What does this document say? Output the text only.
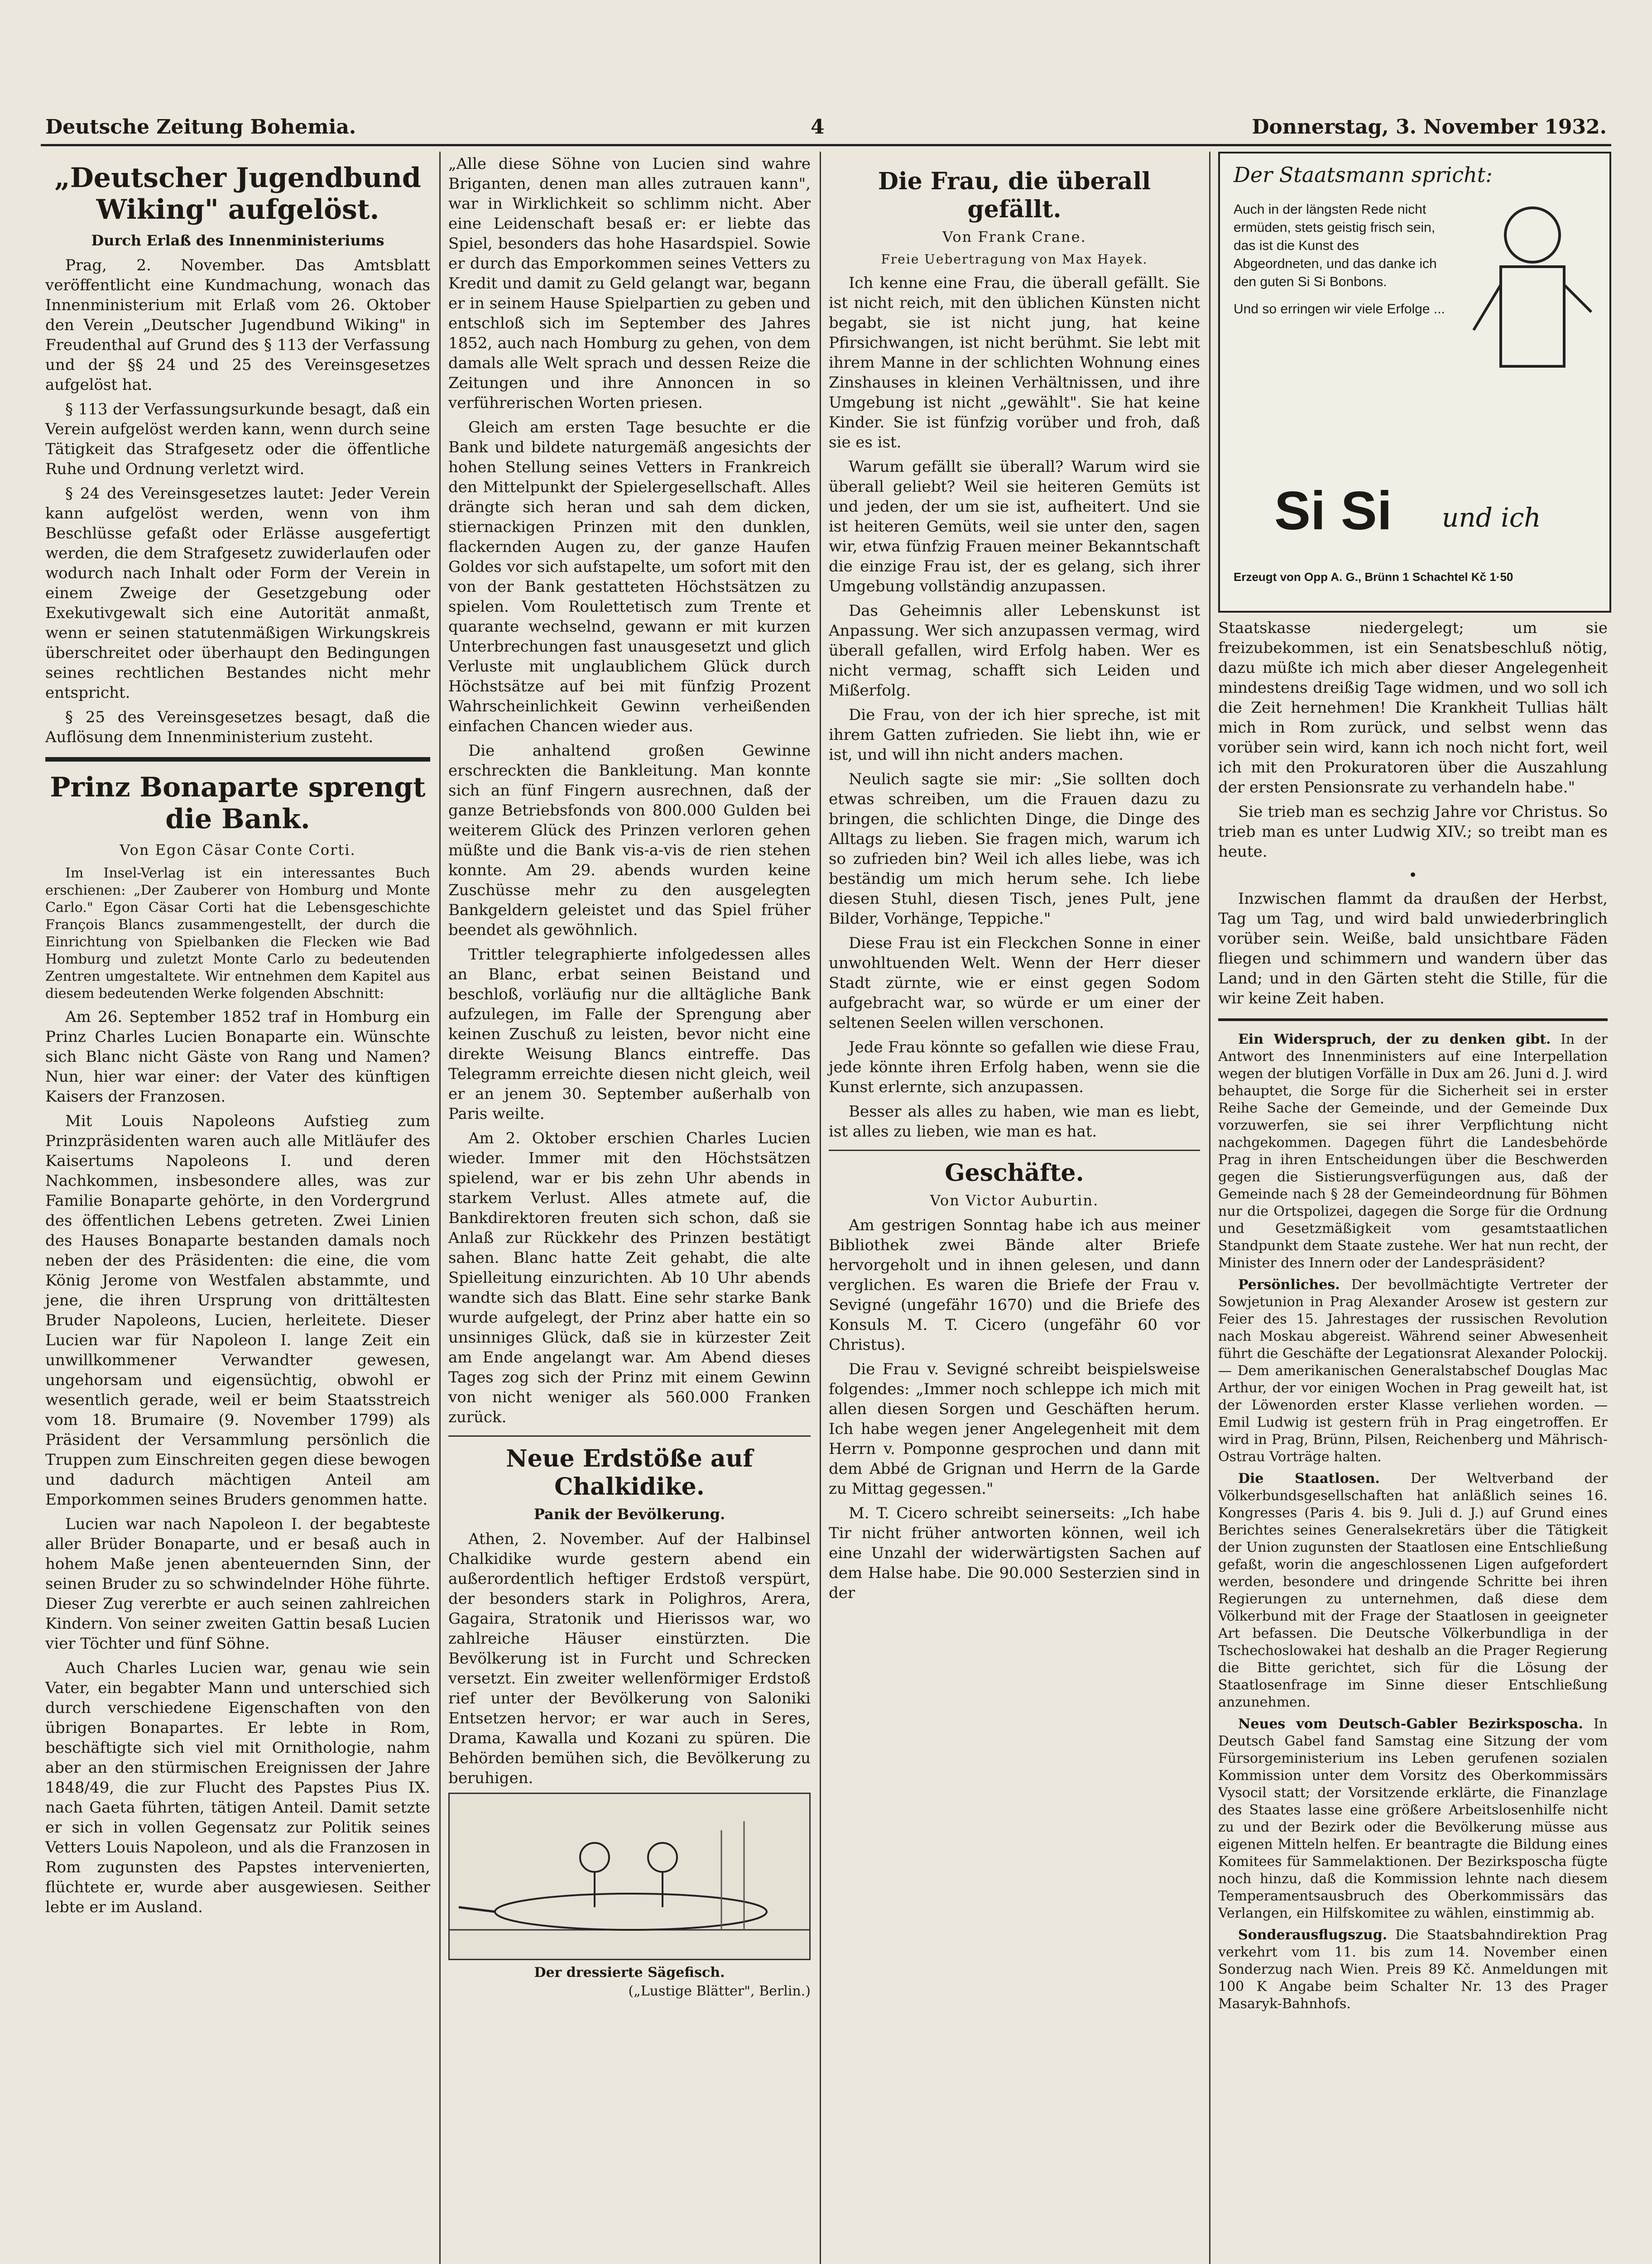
Deutsche Zeitung Bohemia.	4	Donnerstag, 3. November 1932.
„Deutscher Jugendbund Wiking" aufgelöst.
Durch Erlaß des Innenministeriums

Prag, 2. November. Das Amtsblatt veröffentlicht eine Kundmachung, wonach das Innenministerium mit Erlaß vom 26. Oktober den Verein „Deutscher Jugendbund Wiking" in Freudenthal auf Grund des § 113 der Verfassung und der §§ 24 und 25 des Vereinsgesetzes aufgelöst hat.

§ 113 der Verfassungsurkunde besagt, daß ein Verein aufgelöst werden kann, wenn durch seine Tätigkeit das Strafgesetz oder die öffentliche Ruhe und Ordnung verletzt wird.

§ 24 des Vereinsgesetzes lautet: Jeder Verein kann aufgelöst werden, wenn von ihm Beschlüsse gefaßt oder Erlässe ausgefertigt werden, die dem Strafgesetz zuwiderlaufen oder wodurch nach Inhalt oder Form der Verein in einem Zweige der Gesetzgebung oder Exekutivgewalt sich eine Autorität anmaßt, wenn er seinen statutenmäßigen Wirkungskreis überschreitet oder überhaupt den Bedingungen seines rechtlichen Bestandes nicht mehr entspricht.

§ 25 des Vereinsgesetzes besagt, daß die Auflösung dem Innenministerium zusteht.

Prinz Bonaparte sprengt die Bank.
Von Egon Cäsar Conte Corti.

Im Insel-Verlag ist ein interessantes Buch erschienen: „Der Zauberer von Homburg und Monte Carlo." Egon Cäsar Corti hat die Lebensgeschichte François Blancs zusammengestellt, der durch die Einrichtung von Spielbanken die Flecken wie Bad Homburg und zuletzt Monte Carlo zu bedeutenden Zentren umgestaltete. Wir entnehmen dem Kapitel aus diesem bedeutenden Werke folgenden Abschnitt:

Am 26. September 1852 traf in Homburg ein Prinz Charles Lucien Bonaparte ein. Wünschte sich Blanc nicht Gäste von Rang und Namen? Nun, hier war einer: der Vater des künftigen Kaisers der Franzosen.

Mit Louis Napoleons Aufstieg zum Prinzpräsidenten waren auch alle Mitläufer des Kaisertums Napoleons I. und deren Nachkommen, insbesondere alles, was zur Familie Bonaparte gehörte, in den Vordergrund des öffentlichen Lebens getreten. Zwei Linien des Hauses Bonaparte bestanden damals noch neben der des Präsidenten: die eine, die vom König Jerome von Westfalen abstammte, und jene, die ihren Ursprung von drittältesten Bruder Napoleons, Lucien, herleitete. Dieser Lucien war für Napoleon I. lange Zeit ein unwillkommener Verwandter gewesen, ungehorsam und eigensüchtig, obwohl er wesentlich gerade, weil er beim Staatsstreich vom 18. Brumaire (9. November 1799) als Präsident der Versammlung persönlich die Truppen zum Einschreiten gegen diese bewogen und dadurch mächtigen Anteil am Emporkommen seines Bruders genommen hatte.

Lucien war nach Napoleon I. der begabteste aller Brüder Bonaparte, und er besaß auch in hohem Maße jenen abenteuernden Sinn, der seinen Bruder zu so schwindelnder Höhe führte. Dieser Zug vererbte er auch seinen zahlreichen Kindern. Von seiner zweiten Gattin besaß Lucien vier Töchter und fünf Söhne.

Auch Charles Lucien war, genau wie sein Vater, ein begabter Mann und unterschied sich durch verschiedene Eigenschaften von den übrigen Bonapartes. Er lebte in Rom, beschäftigte sich viel mit Ornithologie, nahm aber an den stürmischen Ereignissen der Jahre 1848/49, die zur Flucht des Papstes Pius IX. nach Gaeta führten, tätigen Anteil. Damit setzte er sich in vollen Gegensatz zur Politik seines Vetters Louis Napoleon, und als die Franzosen in Rom zugunsten des Papstes intervenierten, flüchtete er, wurde aber ausgewiesen. Seither lebte er im Ausland.

„Alle diese Söhne von Lucien sind wahre Briganten, denen man alles zutrauen kann", war in Wirklichkeit so schlimm nicht. Aber eine Leidenschaft besaß er: er liebte das Spiel, besonders das hohe Hasardspiel. Sowie er durch das Emporkommen seines Vetters zu Kredit und damit zu Geld gelangt war, begann er in seinem Hause Spielpartien zu geben und entschloß sich im September des Jahres 1852, auch nach Homburg zu gehen, von dem damals alle Welt sprach und dessen Reize die Zeitungen und ihre Annoncen in so verführerischen Worten priesen.

Gleich am ersten Tage besuchte er die Bank und bildete naturgemäß angesichts der hohen Stellung seines Vetters in Frankreich den Mittelpunkt der Spielergesellschaft. Alles drängte sich heran und sah dem dicken, stiernackigen Prinzen mit den dunklen, flackernden Augen zu, der ganze Haufen Goldes vor sich aufstapelte, um sofort mit den von der Bank gestatteten Höchstsätzen zu spielen. Vom Roulettetisch zum Trente et quarante wechselnd, gewann er mit kurzen Unterbrechungen fast unausgesetzt und glich Verluste mit unglaublichem Glück durch Höchstsätze auf bei mit fünfzig Prozent Wahrscheinlichkeit Gewinn verheißenden einfachen Chancen wieder aus.

Die anhaltend großen Gewinne erschreckten die Bankleitung. Man konnte sich an fünf Fingern ausrechnen, daß der ganze Betriebsfonds von 800.000 Gulden bei weiterem Glück des Prinzen verloren gehen müßte und die Bank vis-a-vis de rien stehen konnte. Am 29. abends wurden keine Zuschüsse mehr zu den ausgelegten Bankgeldern geleistet und das Spiel früher beendet als gewöhnlich.

Trittler telegraphierte infolgedessen alles an Blanc, erbat seinen Beistand und beschloß, vorläufig nur die alltägliche Bank aufzulegen, im Falle der Sprengung aber keinen Zuschuß zu leisten, bevor nicht eine direkte Weisung Blancs eintreffe. Das Telegramm erreichte diesen nicht gleich, weil er an jenem 30. September außerhalb von Paris weilte.

Am 2. Oktober erschien Charles Lucien wieder. Immer mit den Höchstsätzen spielend, war er bis zehn Uhr abends in starkem Verlust. Alles atmete auf, die Bankdirektoren freuten sich schon, daß sie Anlaß zur Rückkehr des Prinzen bestätigt sahen. Blanc hatte Zeit gehabt, die alte Spielleitung einzurichten. Ab 10 Uhr abends wandte sich das Blatt. Eine sehr starke Bank wurde aufgelegt, der Prinz aber hatte ein so unsinniges Glück, daß sie in kürzester Zeit am Ende angelangt war. Am Abend dieses Tages zog sich der Prinz mit einem Gewinn von nicht weniger als 560.000 Franken zurück.

Neue Erdstöße auf Chalkidike.
Panik der Bevölkerung.

Athen, 2. November. Auf der Halbinsel Chalkidike wurde gestern abend ein außerordentlich heftiger Erdstoß verspürt, der besonders stark in Polighros, Arera, Gagaira, Stratonik und Hierissos war, wo zahlreiche Häuser einstürzten. Die Bevölkerung ist in Furcht und Schrecken versetzt. Ein zweiter wellenförmiger Erdstoß rief unter der Bevölkerung von Saloniki Entsetzen hervor; er war auch in Seres, Drama, Kawalla und Kozani zu spüren. Die Behörden bemühen sich, die Bevölkerung zu beruhigen.

Der dressierte Sägefisch.
(„Lustige Blätter", Berlin.)
Die Frau, die überall gefällt.
Von Frank Crane.
Freie Uebertragung von Max Hayek.

Ich kenne eine Frau, die überall gefällt. Sie ist nicht reich, mit den üblichen Künsten nicht begabt, sie ist nicht jung, hat keine Pfirsichwangen, ist nicht berühmt. Sie lebt mit ihrem Manne in der schlichten Wohnung eines Zinshauses in kleinen Verhältnissen, und ihre Umgebung ist nicht „gewählt". Sie hat keine Kinder. Sie ist fünfzig vorüber und froh, daß sie es ist.

Warum gefällt sie überall? Warum wird sie überall geliebt? Weil sie heiteren Gemüts ist und jeden, der um sie ist, aufheitert. Und sie ist heiteren Gemüts, weil sie unter den, sagen wir, etwa fünfzig Frauen meiner Bekanntschaft die einzige Frau ist, der es gelang, sich ihrer Umgebung vollständig anzupassen.

Das Geheimnis aller Lebenskunst ist Anpassung. Wer sich anzupassen vermag, wird überall gefallen, wird Erfolg haben. Wer es nicht vermag, schafft sich Leiden und Mißerfolg.

Die Frau, von der ich hier spreche, ist mit ihrem Gatten zufrieden. Sie liebt ihn, wie er ist, und will ihn nicht anders machen.

Neulich sagte sie mir: „Sie sollten doch etwas schreiben, um die Frauen dazu zu bringen, die schlichten Dinge, die Dinge des Alltags zu lieben. Sie fragen mich, warum ich so zufrieden bin? Weil ich alles liebe, was ich beständig um mich herum sehe. Ich liebe diesen Stuhl, diesen Tisch, jenes Pult, jene Bilder, Vorhänge, Teppiche."

Diese Frau ist ein Fleckchen Sonne in einer unwohltuenden Welt. Wenn der Herr dieser Stadt zürnte, wie er einst gegen Sodom aufgebracht war, so würde er um einer der seltenen Seelen willen verschonen.

Jede Frau könnte so gefallen wie diese Frau, jede könnte ihren Erfolg haben, wenn sie die Kunst erlernte, sich anzupassen.

Besser als alles zu haben, wie man es liebt, ist alles zu lieben, wie man es hat.

Geschäfte.
Von Victor Auburtin.

Am gestrigen Sonntag habe ich aus meiner Bibliothek zwei Bände alter Briefe hervorgeholt und in ihnen gelesen, und dann verglichen. Es waren die Briefe der Frau v. Sevigné (ungefähr 1670) und die Briefe des Konsuls M. T. Cicero (ungefähr 60 vor Christus).

Die Frau v. Sevigné schreibt beispielsweise folgendes: „Immer noch schleppe ich mich mit allen diesen Sorgen und Geschäften herum. Ich habe wegen jener Angelegenheit mit dem Herrn v. Pomponne gesprochen und dann mit dem Abbé de Grignan und Herrn de la Garde zu Mittag gegessen."

M. T. Cicero schreibt seinerseits: „Ich habe Tir nicht früher antworten können, weil ich eine Unzahl der widerwärtigsten Sachen auf dem Halse habe. Die 90.000 Sesterzien sind in der

Der Staatsmann spricht:
Auch in der längsten Rede nicht ermüden, stets geistig frisch sein, das ist die Kunst des Abgeordneten, und das danke ich den guten Si Si Bonbons.
Und so erringen wir viele Erfolge ...
Si Si und ich
Erzeugt von Opp A. G., Brünn 1 Schachtel Kč 1·50

Staatskasse niedergelegt; um sie freizubekommen, ist ein Senatsbeschluß nötig, dazu müßte ich mich aber dieser Angelegenheit mindestens dreißig Tage widmen, und wo soll ich die Zeit hernehmen! Die Krankheit Tullias hält mich in Rom zurück, und selbst wenn das vorüber sein wird, kann ich noch nicht fort, weil ich mit den Prokuratoren über die Auszahlung der ersten Pensionsrate zu verhandeln habe."

Sie trieb man es sechzig Jahre vor Christus. So trieb man es unter Ludwig XIV.; so treibt man es heute.

•

Inzwischen flammt da draußen der Herbst, Tag um Tag, und wird bald unwiederbringlich vorüber sein. Weiße, bald unsichtbare Fäden fliegen und schimmern und wandern über das Land; und in den Gärten steht die Stille, für die wir keine Zeit haben.

Ein Widerspruch, der zu denken gibt. In der Antwort des Innenministers auf eine Interpellation wegen der blutigen Vorfälle in Dux am 26. Juni d. J. wird behauptet, die Sorge für die Sicherheit sei in erster Reihe Sache der Gemeinde, und der Gemeinde Dux vorzuwerfen, sie sei ihrer Verpflichtung nicht nachgekommen. Dagegen führt die Landesbehörde Prag in ihren Entscheidungen über die Beschwerden gegen die Sistierungsverfügungen aus, daß der Gemeinde nach § 28 der Gemeindeordnung für Böhmen nur die Ortspolizei, dagegen die Sorge für die Ordnung und Gesetzmäßigkeit vom gesamtstaatlichen Standpunkt dem Staate zustehe. Wer hat nun recht, der Minister des Innern oder der Landespräsident?

Persönliches. Der bevollmächtigte Vertreter der Sowjetunion in Prag Alexander Arosew ist gestern zur Feier des 15. Jahrestages der russischen Revolution nach Moskau abgereist. Während seiner Abwesenheit führt die Geschäfte der Legationsrat Alexander Polockij. — Dem amerikanischen Generalstabschef Douglas Mac Arthur, der vor einigen Wochen in Prag geweilt hat, ist der Löwenorden erster Klasse verliehen worden. — Emil Ludwig ist gestern früh in Prag eingetroffen. Er wird in Prag, Brünn, Pilsen, Reichenberg und Mährisch-Ostrau Vorträge halten.

Die Staatlosen. Der Weltverband der Völkerbundsgesellschaften hat anläßlich seines 16. Kongresses (Paris 4. bis 9. Juli d. J.) auf Grund eines Berichtes seines Generalsekretärs über die Tätigkeit der Union zugunsten der Staatlosen eine Entschließung gefaßt, worin die angeschlossenen Ligen aufgefordert werden, besondere und dringende Schritte bei ihren Regierungen zu unternehmen, daß diese dem Völkerbund mit der Frage der Staatlosen in geeigneter Art befassen. Die Deutsche Völkerbundliga in der Tschechoslowakei hat deshalb an die Prager Regierung die Bitte gerichtet, sich für die Lösung der Staatlosenfrage im Sinne dieser Entschließung anzunehmen.

Neues vom Deutsch-Gabler Bezirksposcha. In Deutsch Gabel fand Samstag eine Sitzung der vom Fürsorgeministerium ins Leben gerufenen sozialen Kommission unter dem Vorsitz des Oberkommissärs Vysocil statt; der Vorsitzende erklärte, die Finanzlage des Staates lasse eine größere Arbeitslosenhilfe nicht zu und der Bezirk oder die Bevölkerung müsse aus eigenen Mitteln helfen. Er beantragte die Bildung eines Komitees für Sammelaktionen. Der Bezirksposcha fügte noch hinzu, daß die Kommission lehnte nach diesem Temperamentsausbruch des Oberkommissärs das Verlangen, ein Hilfskomitee zu wählen, einstimmig ab.

Sonderausflugszug. Die Staatsbahndirektion Prag verkehrt vom 11. bis zum 14. November einen Sonderzug nach Wien. Preis 89 Kč. Anmeldungen mit 100 K Angabe beim Schalter Nr. 13 des Prager Masaryk-Bahnhofs.
